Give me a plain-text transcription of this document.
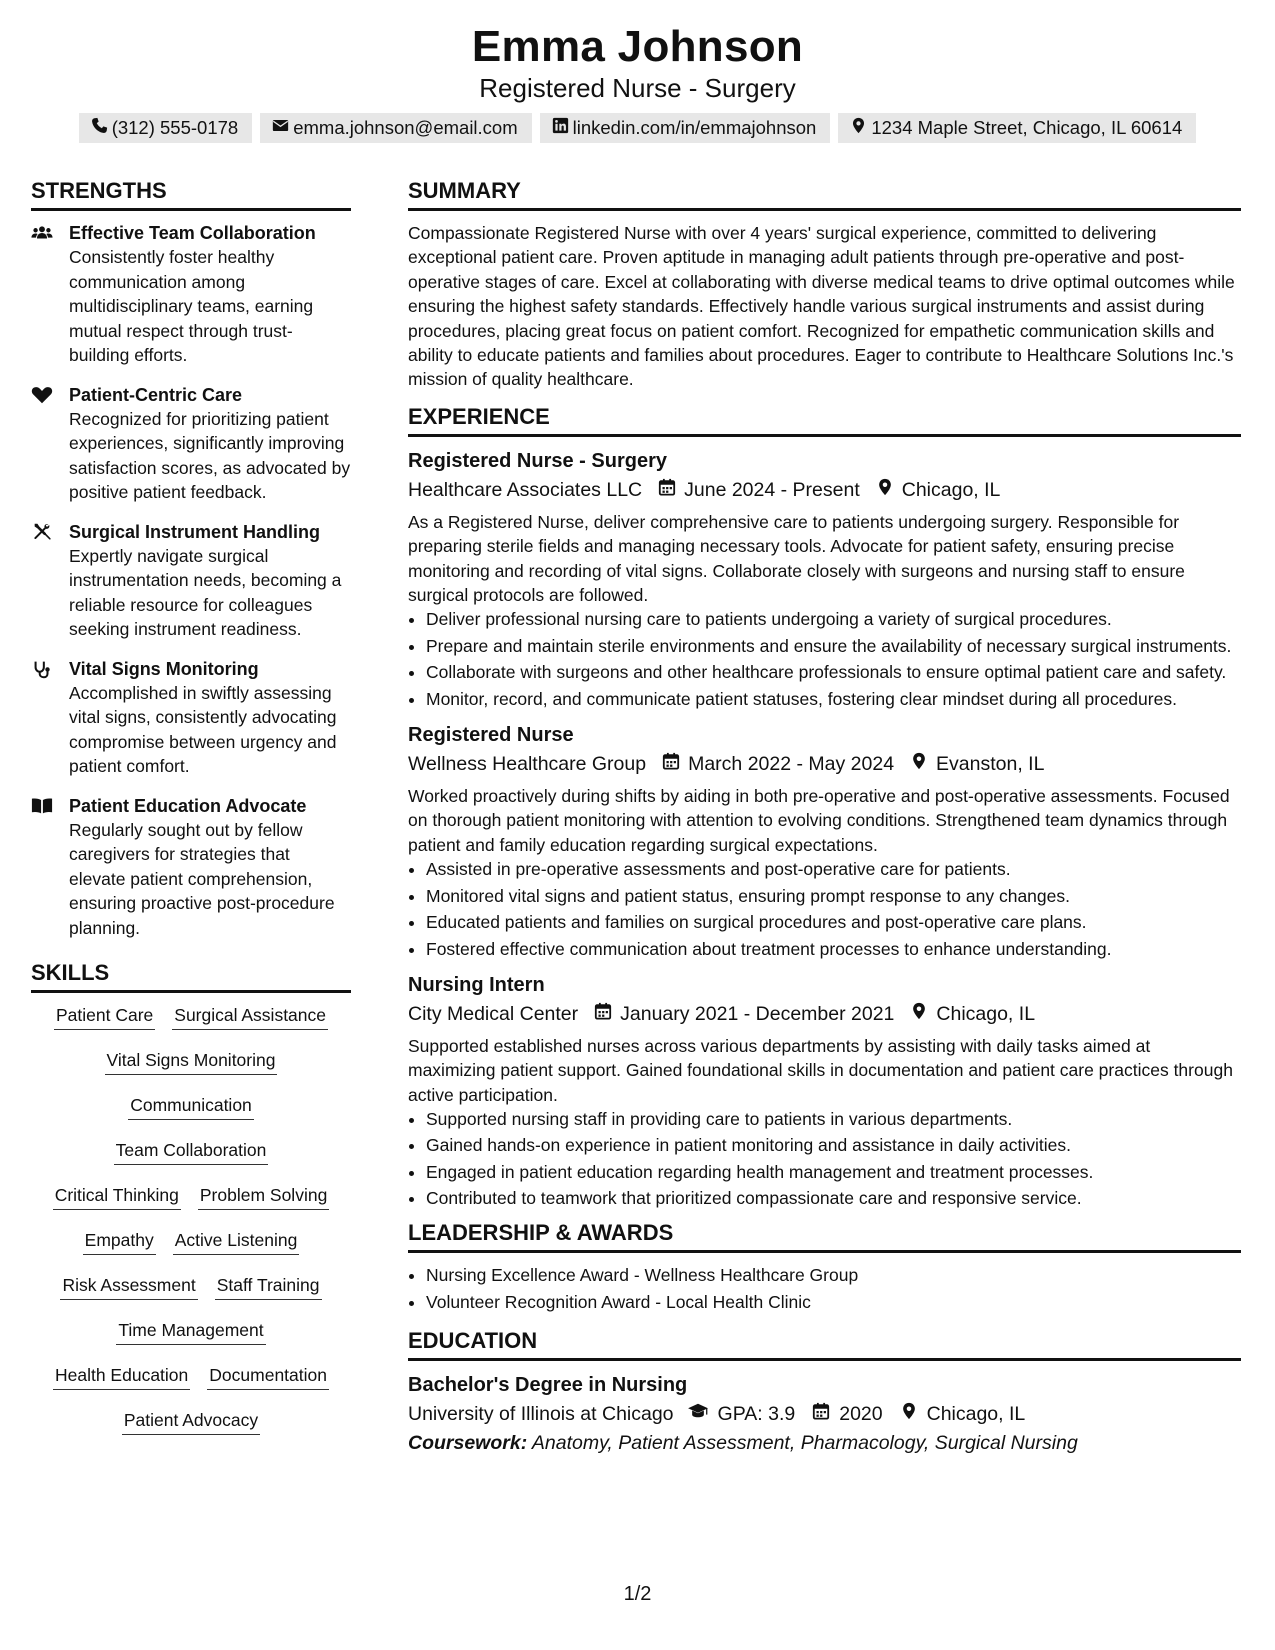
Emma Johnson
Registered Nurse - Surgery
(312) 555-0178	emma.johnson@email.com	linkedin.com/in/emmajohnson	1234 Maple Street, Chicago, IL 60614
STRENGTHS
Effective Team Collaboration
Consistently foster healthy communication among multidisciplinary teams, earning mutual respect through trust-building efforts.
Patient-Centric Care
Recognized for prioritizing patient experiences, significantly improving satisfaction scores, as advocated by positive patient feedback.
Surgical Instrument Handling
Expertly navigate surgical instrumentation needs, becoming a reliable resource for colleagues seeking instrument readiness.
Vital Signs Monitoring
Accomplished in swiftly assessing vital signs, consistently advocating compromise between urgency and patient comfort.
Patient Education Advocate
Regularly sought out by fellow caregivers for strategies that elevate patient comprehension, ensuring proactive post-procedure planning.
SKILLS
Patient Care Surgical Assistance
Vital Signs Monitoring
Communication
Team Collaboration
Critical Thinking Problem Solving
Empathy Active Listening
Risk Assessment Staff Training
Time Management
Health Education Documentation
Patient Advocacy
SUMMARY
Compassionate Registered Nurse with over 4 years' surgical experience, committed to delivering exceptional patient care. Proven aptitude in managing adult patients through pre-operative and post-operative stages of care. Excel at collaborating with diverse medical teams to drive optimal outcomes while ensuring the highest safety standards. Effectively handle various surgical instruments and assist during procedures, placing great focus on patient comfort. Recognized for empathetic communication skills and ability to educate patients and families about procedures. Eager to contribute to Healthcare Solutions Inc.'s mission of quality healthcare.
EXPERIENCE
Registered Nurse - Surgery
Healthcare Associates LLC June 2024 - Present Chicago, IL
As a Registered Nurse, deliver comprehensive care to patients undergoing surgery. Responsible for preparing sterile fields and managing necessary tools. Advocate for patient safety, ensuring precise monitoring and recording of vital signs. Collaborate closely with surgeons and nursing staff to ensure surgical protocols are followed.
• Deliver professional nursing care to patients undergoing a variety of surgical procedures.
• Prepare and maintain sterile environments and ensure the availability of necessary surgical instruments.
• Collaborate with surgeons and other healthcare professionals to ensure optimal patient care and safety.
• Monitor, record, and communicate patient statuses, fostering clear mindset during all procedures.
Registered Nurse
Wellness Healthcare Group March 2022 - May 2024 Evanston, IL
Worked proactively during shifts by aiding in both pre-operative and post-operative assessments. Focused on thorough patient monitoring with attention to evolving conditions. Strengthened team dynamics through patient and family education regarding surgical expectations.
• Assisted in pre-operative assessments and post-operative care for patients.
• Monitored vital signs and patient status, ensuring prompt response to any changes.
• Educated patients and families on surgical procedures and post-operative care plans.
• Fostered effective communication about treatment processes to enhance understanding.
Nursing Intern
City Medical Center January 2021 - December 2021 Chicago, IL
Supported established nurses across various departments by assisting with daily tasks aimed at maximizing patient support. Gained foundational skills in documentation and patient care practices through active participation.
• Supported nursing staff in providing care to patients in various departments.
• Gained hands-on experience in patient monitoring and assistance in daily activities.
• Engaged in patient education regarding health management and treatment processes.
• Contributed to teamwork that prioritized compassionate care and responsive service.
LEADERSHIP & AWARDS
• Nursing Excellence Award - Wellness Healthcare Group
• Volunteer Recognition Award - Local Health Clinic
EDUCATION
Bachelor's Degree in Nursing
University of Illinois at Chicago GPA: 3.9 2020 Chicago, IL
Coursework: Anatomy, Patient Assessment, Pharmacology, Surgical Nursing
1/2
